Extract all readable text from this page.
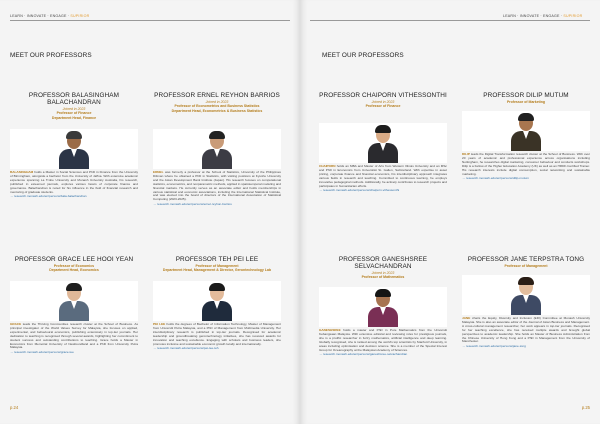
LEARN · INNOVATE · ENGAGE · SUPIRIOR
MEET OUR PROFESSORS
PROFESSOR BALASINGHAM BALACHANDRAN
Joined in 2023
Professor of Finance
Department Head, Finance
BALASINGHAM holds a Master in Social Sciences and PhD in Finance from the University of Birmingham, alongside a bachelor from the University of Jaffna. With extensive academic experience spanning La Trobe University and Monash University Australia, his research, published in esteemed journals, explores various facets of corporate finance and governance. Balachandran is noted for his influence in the field of financial research and mentoring of graduate students.
→ research.monash.edu/en/persons/bala-balachandran
PROFESSOR ERNEL REYHON BARRIOS
Joined in 2023
Professor of Econometrics and Business Statistics
Department Head, Econometrics & Business Statistics
ERNEL was formerly a professor at the School of Statistics, University of the Philippines Diliman where he obtained a PhD in Statistics, with visiting positions at Kyushu University and the Asian Development Bank Institute (Japan). His research focuses on computational statistics, econometrics, and nonparametric methods, applied in spatiotemporal modeling and financial markets. He currently serves as an associate editor and holds memberships in various statistical and economic associations, including the International Statistical Institute, and was elected into the board of directors of the International Association of Statistical Computing (2023-2025).
→ research.monash.edu/en/persons/ernel-reyhon-barrios
PROFESSOR GRACE LEE HOOI YEAN
Professor of Economics
Department Head, Economics
GRACE leads the Thriving Communities research cluster at the School of Business. As principal investigator of the World Values Survey for Malaysia, she focuses on applied, experimental, and behavioural economics, publishing extensively in top-tier journals. Her dedication to teaching is recognised through several awards, highlighting her commitment to student success and outstanding contributions to teaching. Grace holds a Master in Economics from Memorial University of Newfoundland and a PhD from University Putra Malaysia.
→ research.monash.edu/en/persons/grace-lee
PROFESSOR TEH PEI LEE
Professor of Management
Department Head, Management & Director, Gerontechnology Lab
PEI LEE holds the degrees of Bachelor of Information Technology, Master of Management from Universiti Putra Malaysia, and a PhD of Management from Multimedia University. Her interdisciplinary research is published in top-tier journals. Recognised for academic leadership and groundbreaking gerontechnology initiatives, she has received awards for innovation and teaching excellence. Engaging with scholars and business leaders, she promotes inclusive and sustainable economic growth locally and internationally.
→ research.monash.edu/en/persons/pei-lee-teh
p.24
LEARN · INNOVATE · ENGAGE · SUPIRIOR
MEET OUR PROFESSORS
PROFESSOR CHAIPORN VITHESSONTHI
Joined in 2023
Professor of Finance
CHAIPORN holds an MBA and Master of Arts from Western Illinois University and an MSc and PhD in Economics from Universität St. Gallen, Switzerland. With expertise in asset pricing, corporate finance and financial economics, his interdisciplinary approach integrates various fields in research and teaching. Committed to continuous learning, he employs innovative pedagogical methods. Additionally, he actively contributes to research projects and participates in humanitarian efforts.
→ research.monash.edu/en/persons/chaiporn-vithessonthi
PROFESSOR DILIP MUTUM
Professor of Marketing
DILIP leads the Digital Transformation research cluster at the School of Business. With over 20 years of academic and professional experience across organisations including Nottingham, he researches digital marketing, consumer behaviour and conducts workshops. Dilip is a Fellow of the Higher Education Academy (UK) as well as an HRDF-Certified Trainer. His research interests include digital consumption, social networking and sustainable marketing.
→ research.monash.edu/en/persons/dilip-mutum
PROFESSOR GANESHSREE SELVACHANDRAN
Joined in 2023
Professor of Mathematics
GANESHSREE holds a master and PhD in Pure Mathematics from the Universiti Kebangsaan Malaysia. With extensive editorial and reviewing roles for prestigious journals, she is a prolific researcher in fuzzy mathematics, artificial intelligence and deep learning. Globally recognised, she is ranked among the world's top scientists by Stanford University, in areas including optimisation and decision science. She is a member of the Special Interest Group for Oceanography at the Malaysian Academy of Sciences.
→ research.monash.edu/en/persons/ganeshsree-selvachandran
PROFESSOR JANE TERPSTRA TONG
Professor of Management
JANE chairs the Equity, Diversity and Inclusion (EDI) Committee at Monash University Malaysia. She is also an associate editor of the Journal of Asian Business and Management. A cross-cultural management researcher, her work appears in top-tier journals. Recognised for her teaching excellence, she has received multiple awards and brought global perspectives to academic leadership. She holds an Master of Business Administration from the Chinese University of Hong Kong and a PhD in Management from the University of Manchester.
→ research.monash.edu/en/persons/jane-tong
p.25
